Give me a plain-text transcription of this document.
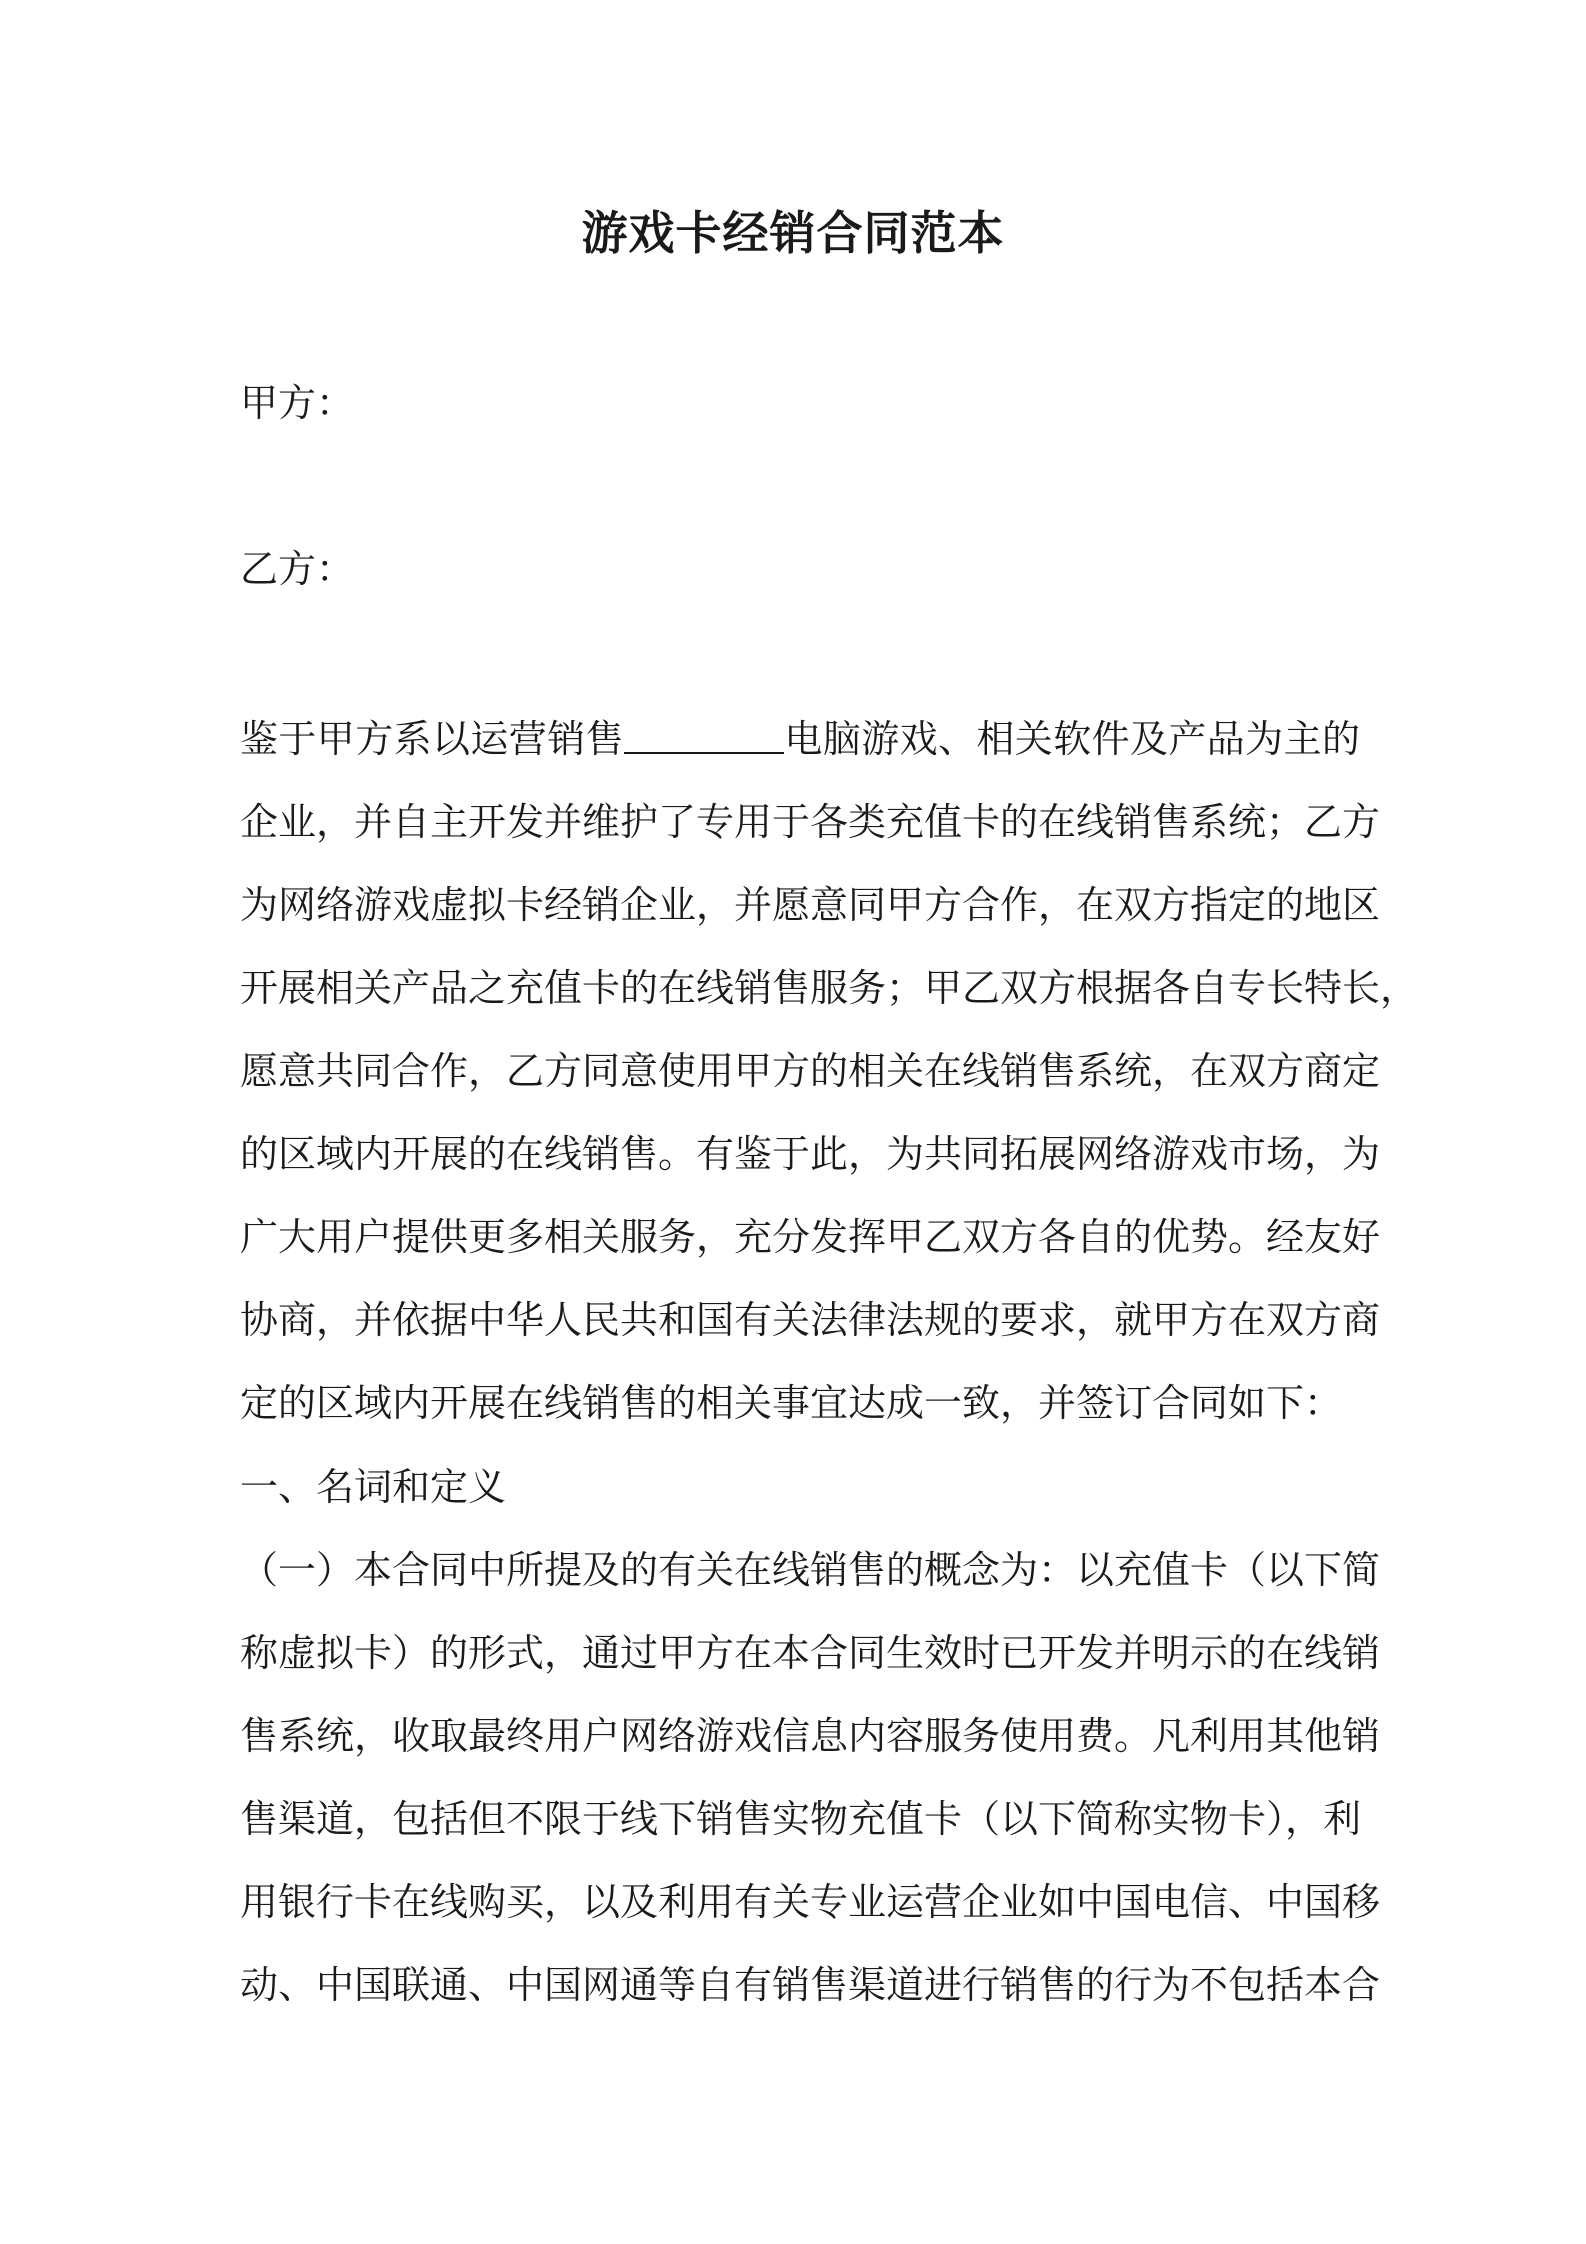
游戏卡经销合同范本
甲方：
乙方：
鉴于甲方系以运营销售	电脑游戏、相关软件及产品为主的
企业，并自主开发并维护了专用于各类充值卡的在线销售系统；乙方
为网络游戏虚拟卡经销企业，并愿意同甲方合作，在双方指定的地区
开展相关产品之充值卡的在线销售服务；甲乙双方根据各自专长特长，
愿意共同合作，乙方同意使用甲方的相关在线销售系统，在双方商定
的区域内开展的在线销售。有鉴于此，为共同拓展网络游戏市场，为
广大用户提供更多相关服务，充分发挥甲乙双方各自的优势。经友好
协商，并依据中华人民共和国有关法律法规的要求，就甲方在双方商
定的区域内开展在线销售的相关事宜达成一致，并签订合同如下：
一、名词和定义
（一）本合同中所提及的有关在线销售的概念为：以充值卡（以下简
称虚拟卡）的形式，通过甲方在本合同生效时已开发并明示的在线销
售系统，收取最终用户网络游戏信息内容服务使用费。凡利用其他销
售渠道，包括但不限于线下销售实物充值卡（以下简称实物卡），利
用银行卡在线购买，以及利用有关专业运营企业如中国电信、中国移
动、中国联通、中国网通等自有销售渠道进行销售的行为不包括本合
